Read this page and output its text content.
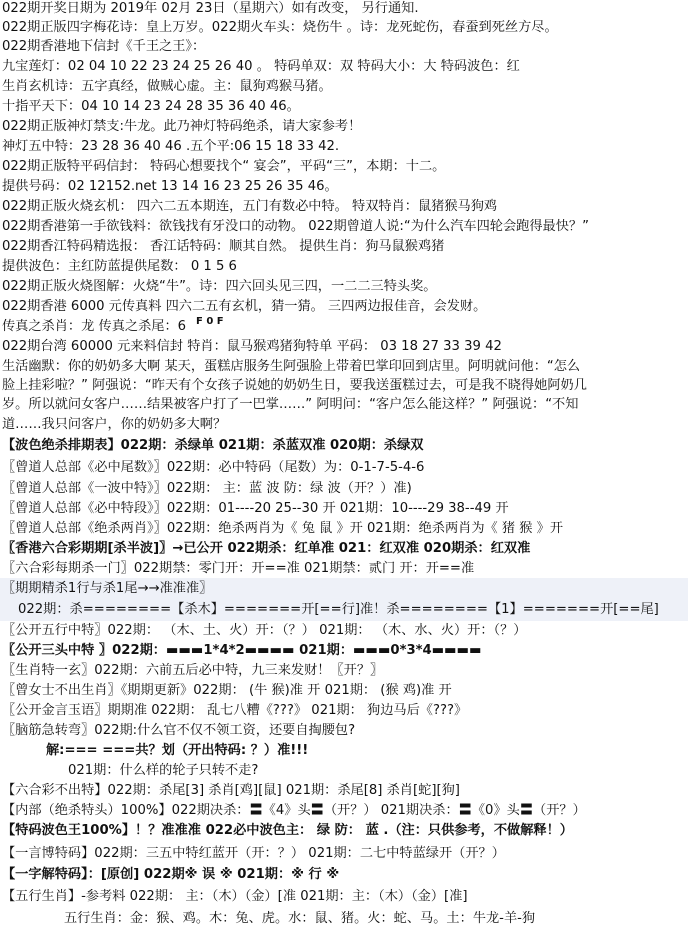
F 0 F
022期开奖日期为 2019年 02月 23日（星期六）如有改变， 另行通知.
022期正版四字梅花诗：皇上万岁。022期火车头：烧伤牛 。诗：龙死蛇伤，春蚕到死丝方尽。
022期香港地下信封《千王之王》：
九宝莲灯：02 04 10 22 23 24 25 26 40 。 特码单双：双 特码大小：大 特码波色：红
生肖玄机诗：五字真经，做贼心虚。主：鼠狗鸡猴马猪。
十指平天下：04 10 14 23 24 28 35 36 40 46。
022期正版神灯禁支:牛龙。此乃神灯特码绝杀，请大家参考！
神灯五中特：23 28 36 40 46 .五个平:06 15 18 33 42.
022期正版特平码信封： 特码心想要找个“ 宴会”，平码“三”，本期：十二。
提供号码：02 12152.net 13 14 16 23 25 26 35 46。
022期正版火烧玄机： 四六二五本期连，五门有数必中特。 特双特肖：鼠猪猴马狗鸡
022期香港第一手欲钱料：欲钱找有牙没口的动物。 022期曾道人说:“为什么汽车四轮会跑得最快？”
022期香江特码精选报： 香江话特码：顺其自然。 提供生肖：狗马鼠猴鸡猪
提供波色：主红防蓝提供尾数： 0 1 5 6
022期正版火烧图解：火烧“牛”。诗：四六回头见三四，一二二三特头奖。
022期香港 6000 元传真料 四六二五有玄机，猜一猜。 三四两边报佳音，会发财。
传真之杀肖：龙 传真之杀尾：6
022期台湾 60000 元来料信封 特肖：鼠马猴鸡猪狗特单 平码： 03 18 27 33 39 42
生活幽默：你的奶奶多大啊 某天，蛋糕店服务生阿强脸上带着巴掌印回到店里。阿明就问他：“怎么
脸上挂彩啦？” 阿强说：“昨天有个女孩子说她的奶奶生日，要我送蛋糕过去，可是我不晓得她阿奶几
岁。所以就问女客户……结果被客户打了一巴掌……” 阿明问：“客户怎么能这样？” 阿强说：“不知
道……我只问客户，你的奶奶多大啊？
【波色绝杀排期表】022期：杀绿单 021期：杀蓝双准 020期：杀绿双
〖曾道人总部《必中尾数》〗022期：必中特码（尾数）为：0-1-7-5-4-6
〖曾道人总部《一波中特》〗022期： 主：蓝 波 防：绿 波（开？）准)
〖曾道人总部《必中特段》〗022期：01----20 25--30 开 021期：10----29 38--49 开
〖曾道人总部《绝杀两肖》〗022期：绝杀两肖为《 兔 鼠 》开 021期：绝杀两肖为《 猪 猴 》开
〖香港六合彩期期[杀半波]〗→已公开 022期杀：红单准 021：红双准 020期杀：红双准
〖六合彩每期杀一门〗022期禁：零门开：开==准 021期禁：贰门 开：开==准
〖期期精杀1行与杀1尾→→准准准〗
022期：杀========【杀木】=======开[==行]准！杀========【1】=======开[==尾]
〖公开五行中特〗022期： （木、土、火）开：（？） 021期： （木、水、火）开：（？）
〖公开三头中特 〗022期：▬▬▬1*4*2▬▬▬▬ 021期：▬▬▬0*3*4▬▬▬▬
〖生肖特一玄〗022期：六前五后必中特，九三来发财！〖开？〗
〖曾女士不出生肖〗《期期更新》022期： (牛 猴)准 开 021期： (猴 鸡)准 开
〖公开金言玉语〗期期准 022期： 乱七八糟《???》 021期： 狗边马后《???》
〖脑筋急转弯〗022期:什么官不仅不领工资，还要自掏腰包?
解:=== ===共？划（开出特码: ？）准!!!
021期：什么样的轮子只转不走?
【六合彩不出特】022期：杀尾[3] 杀肖[鸡][鼠] 021期：杀尾[8] 杀肖[蛇][狗]
【内部（绝杀特头）100%】022期决杀：〓《4》头〓（开？） 021期决杀：〓《0》头〓（开？）
【特码波色王100%】！？准准准 022必中波色主： 绿 防： 蓝 .（注：只供参考，不做解释！）
【一言博特码】022期：三五中特红蓝开（开：？） 021期：二七中特蓝绿开（开？）
【一字解特码】：[原创] 022期※ 误 ※ 021期：※ 行 ※
【五行生肖】-参考料 022期： 主：（木）（金）[准 021期：主：（木）（金）[准]
五行生肖：金：猴、鸡。木：兔、虎。水：鼠、猪。火：蛇、马。土：牛龙-羊-狗
